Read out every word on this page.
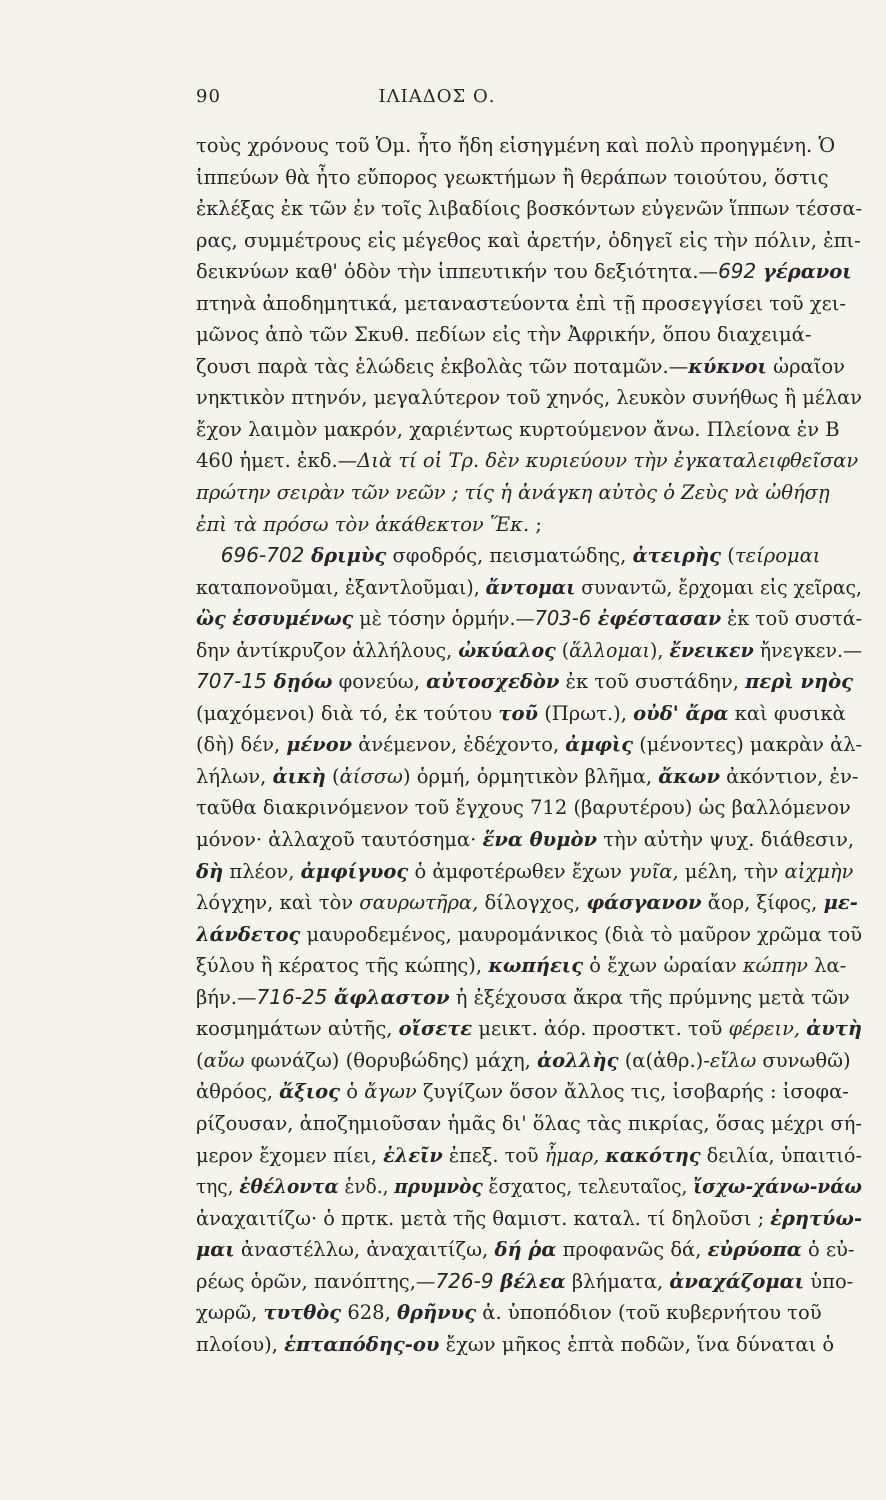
90	ΙΛΙΑΔΟΣ Ο.
τοὺς χρόνους τοῦ Ὁμ. ἦτο ἤδη εἰσηγμένη καὶ πολὺ προηγμένη. Ὁ
ἱππεύων θὰ ἦτο εὔπορος γεωκτήμων ἢ θεράπων τοιούτου, ὅστις
ἐκλέξας ἐκ τῶν ἐν τοῖς λιβαδίοις βοσκόντων εὐγενῶν ἵππων τέσσα-
ρας, συμμέτρους εἰς μέγεθος καὶ ἀρετήν, ὁδηγεῖ εἰς τὴν πόλιν, ἐπι-
δεικνύων καθ' ὁδὸν τὴν ἱππευτικήν του δεξιότητα.—692 γέρανοι
πτηνὰ ἀποδημητικά, μεταναστεύοντα ἐπὶ τῇ προσεγγίσει τοῦ χει-
μῶνος ἀπὸ τῶν Σκυθ. πεδίων εἰς τὴν Ἀφρικήν, ὅπου διαχειμά-
ζουσι παρὰ τὰς ἑλώδεις ἐκβολὰς τῶν ποταμῶν.—κύκνοι ὡραῖον
νηκτικὸν πτηνόν, μεγαλύτερον τοῦ χηνός, λευκὸν συνήθως ἢ μέλαν
ἔχον λαιμὸν μακρόν, χαριέντως κυρτούμενον ἄνω. Πλείονα ἐν Β
460 ἡμετ. ἐκδ.—Διὰ τί οἱ Τρ. δὲν κυριεύουν τὴν ἐγκαταλειφθεῖσαν
πρώτην σειρὰν τῶν νεῶν ; τίς ἡ ἀνάγκη αὐτὸς ὁ Ζεὺς νὰ ὠθήσῃ
ἐπὶ τὰ πρόσω τὸν ἀκάθεκτον Ἕκ. ;
696-702 δριμὺς σφοδρός, πεισματώδης, ἀτειρὴς (τείρομαι
καταπονοῦμαι, ἐξαντλοῦμαι), ἄντομαι συναντῶ, ἔρχομαι εἰς χεῖρας,
ὣς ἐσσυμένως μὲ τόσην ὁρμήν.—703-6 ἐφέστασαν ἐκ τοῦ συστά-
δην ἀντίκρυζον ἀλλήλους, ὠκύαλος (ἅλλομαι), ἔνεικεν ἤνεγκεν.—
707-15 δῃόω φονεύω, αὐτοσχεδὸν ἐκ τοῦ συστάδην, περὶ νηὸς
(μαχόμενοι) διὰ τό, ἐκ τούτου τοῦ (Πρωτ.), οὐδ' ἄρα καὶ φυσικὰ
(δὴ) δέν, μένον ἀνέμενον, ἐδέχοντο, ἀμφὶς (μένοντες) μακρὰν ἀλ-
λήλων, ἀικὴ (ἀίσσω) ὁρμή, ὁρμητικὸν βλῆμα, ἄκων ἀκόντιον, ἐν-
ταῦθα διακρινόμενον τοῦ ἔγχους 712 (βαρυτέρου) ὡς βαλλόμενον
μόνον· ἀλλαχοῦ ταυτόσημα· ἕνα θυμὸν τὴν αὐτὴν ψυχ. διάθεσιν,
δὴ πλέον, ἀμφίγυος ὁ ἀμφοτέρωθεν ἔχων γυῖα, μέλη, τὴν αἰχμὴν
λόγχην, καὶ τὸν σαυρωτῆρα, δίλογχος, φάσγανον ἄορ, ξίφος, με-
λάνδετος μαυροδεμένος, μαυρομάνικος (διὰ τὸ μαῦρον χρῶμα τοῦ
ξύλου ἢ κέρατος τῆς κώπης), κωπήεις ὁ ἔχων ὡραίαν κώπην λα-
βήν.—716-25 ἄφλαστον ἡ ἐξέχουσα ἄκρα τῆς πρύμνης μετὰ τῶν
κοσμημάτων αὐτῆς, οἴσετε μεικτ. ἀόρ. προστκτ. τοῦ φέρειν, ἀυτὴ
(αὔω φωνάζω) (θορυβώδης) μάχη, ἀολλὴς (α(ἀθρ.)-εἴλω συνωθῶ)
ἀθρόος, ἄξιος ὁ ἄγων ζυγίζων ὅσον ἄλλος τις, ἰσοβαρής : ἰσοφα-
ρίζουσαν, ἀποζημιοῦσαν ἡμᾶς δι' ὅλας τὰς πικρίας, ὅσας μέχρι σή-
μερον ἔχομεν πίει, ἐλεῖν ἐπεξ. τοῦ ἦμαρ, κακότης δειλία, ὑπαιτιό-
της, ἐθέλοντα ἑνδ., πρυμνὸς ἔσχατος, τελευταῖος, ἴσχω-χάνω-νάω
ἀναχαιτίζω· ὁ πρτκ. μετὰ τῆς θαμιστ. καταλ. τί δηλοῦσι ; ἐρητύω-
μαι ἀναστέλλω, ἀναχαιτίζω, δή ῥα προφανῶς δά, εὐρύοπα ὁ εὐ-
ρέως ὁρῶν, πανόπτης,—726-9 βέλεα βλήματα, ἀναχάζομαι ὑπο-
χωρῶ, τυτθὸς 628, θρῆνυς ἁ. ὑποπόδιον (τοῦ κυβερνήτου τοῦ
πλοίου), ἑπταπόδης-ου ἔχων μῆκος ἑπτὰ ποδῶν, ἵνα δύναται ὁ
